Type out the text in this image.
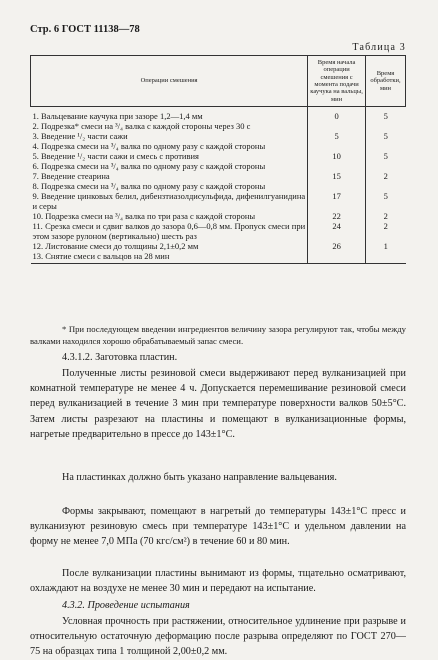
Стр. 6 ГОСТ 11138—78
Таблица 3
Операции смешения	Время начала операции смешения с момента подачи каучука на вальцы, мин	Время обработки, мин
1. Вальцевание каучука при зазоре 1,2—1,4 мм	0	5
2. Подрезка* смеси на ³/₄ валка с каждой стороны через 30 с		
3. Введение ¹/₂ части сажи	5	5
4. Подрезка смеси на ³/₄ валка по одному разу с каждой стороны		
5. Введение ¹/₂ части сажи и смесь с противия	10	5
6. Подрезка смеси на ³/₄ валка по одному разу с каждой стороны		
7. Введение стеарина	15	2
8. Подрезка смеси на ³/₄ валка по одному разу с каждой стороны		
9. Введение цинковых белил, дибензтиазолдисульфида, дифенилгуанидина и серы	17	5
10. Подрезка смеси на ³/₄ валка по три раза с каждой стороны	22	2
11. Срезка смеси и сдвиг валков до зазора 0,6—0,8 мм. Пропуск смеси при этом зазоре рулоном (вертикально) шесть раз	24	2
12. Листование смеси до толщины 2,1±0,2 мм	26	1
13. Снятие смеси с вальцов на 28 мин		
* При последующем введении ингредиентов величину зазора регулируют так, чтобы между валками находился хорошо обрабатываемый запас смеси.
4.3.1.2. Заготовка пластин.
Полученные листы резиновой смеси выдерживают перед вулканизацией при комнатной температуре не менее 4 ч. Допускается перемешивание резиновой смеси перед вулканизацией в течение 3 мин при температуре поверхности валков 50±5°С. Затем листы разрезают на пластины и помещают в вулканизационные формы, нагретые предварительно в прессе до 143±1°С.
На пластинках должно быть указано направление вальцевания.
Формы закрывают, помещают в нагретый до температуры 143±1°С пресс и вулканизуют резиновую смесь при температуре 143±1°С и удельном давлении на форму не менее 7,0 МПа (70 кгс/см²) в течение 60 и 80 мин.
После вулканизации пластины вынимают из формы, тщательно осматривают, охлаждают на воздухе не менее 30 мин и передают на испытание.
4.3.2. Проведение испытания
Условная прочность при растяжении, относительное удлинение при разрыве и относительную остаточную деформацию после разрыва определяют по ГОСТ 270—75 на образцах типа 1 толщиной 2,00±0,2 мм.
